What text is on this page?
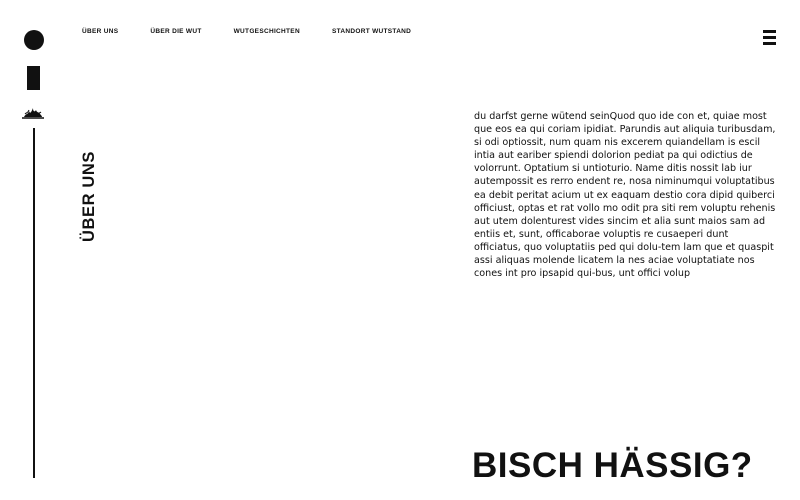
ÜBER UNS	ÜBER DIE WUT	WUTGESCHICHTEN	STANDORT WUTSTAND
ÜBER UNS

du darfst gerne wütend seinQuod quo ide con et, quiae most que eos ea qui coriam ipidiat. Parundis aut aliquia turibusdam, si odi optiossit, num quam nis excerem quiandellam is escil intia aut eariber spiendi dolorion pediat pa qui odictius de volorrunt. Optatium si untioturio. Name ditis nossit lab iur autempossit es rerro endent re, nosa niminumqui voluptatibus ea debit peritat acium ut ex eaquam destio cora dipid quiberci officiust, optas et rat vollo mo odit pra siti rem voluptu rehenis aut utem dolenturest vides sincim et alia sunt maios sam ad entiis et, sunt, officaborae voluptis re cusaeperi dunt officiatus, quo voluptatiis ped qui dolu-tem lam que et quaspit assi aliquas molende licatem la nes aciae voluptatiate nos cones int pro ipsapid qui-bus, unt offici volup

BISCH HÄSSIG?
